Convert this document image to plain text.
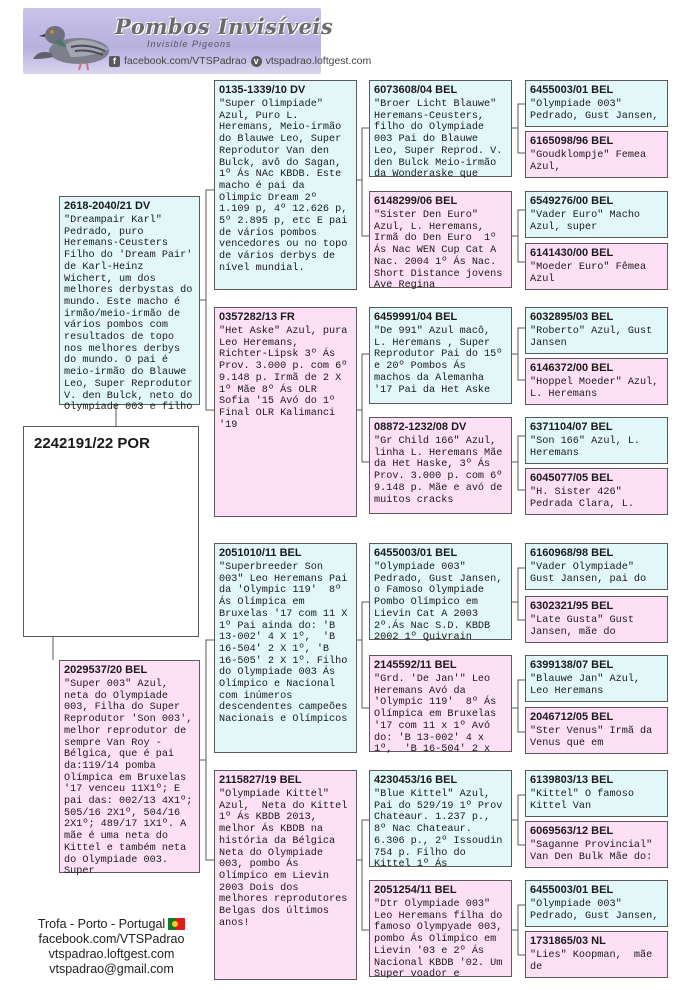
Pombos Invisíveis
Invisible Pigeons
f facebook.com/VTSPadrao v vtspadrao.loftgest.com
2242191/22 POR
2618-2040/21 DV
"Dreampair Karl" Pedrado, puro Heremans-Ceusters Filho do 'Dream Pair' de Karl-Heinz Wichert, um dos melhores derbystas do mundo. Este macho é irmão/meio-irmão de vários pombos com resultados de topo nos melhores derbys do mundo. O pai é meio-irmão do Blauwe Leo, Super Reprodutor V. den Bulck, neto do Olympiade 003 e filho
2029537/20 BEL
"Super 003" Azul, neta do Olympiade 003, Filha do Super Reprodutor 'Son 003', melhor reprodutor de sempre Van Roy - Bélgica, que é pai da:119/14 pomba Olímpica em Bruxelas '17 venceu 11X1º; E pai das: 002/13 4X1º; 505/16 2X1º, 504/16 2X1º; 489/17 1X1º. A mãe é uma neta do Kittel e também neta do Olympiade 003. Super
0135-1339/10 DV
"Super Olimpiade" Azul, Puro L. Heremans, Meio-irmão do Blauwe Leo, Super Reprodutor Van den Bulck, avô do Sagan, 1º Ás NAc KBDB. Este macho é pai da Olimpic Dream 2º 1.109 p, 4º 12.626 p, 5º 2.895 p, etc E pai de vários pombos vencedores ou no topo de vários derbys de nível mundial.
0357282/13 FR
"Het Aske" Azul, pura Leo Heremans, Richter-Lipsk 3º Ás Prov. 3.000 p. com 6º 9.148 p. Irmã de 2 X 1º Mãe 8º Ás OLR Sofia '15 Avó do 1º Final OLR Kalimanci '19
2051010/11 BEL
"Superbreeder Son 003" Leo Heremans Pai da 'Olympic 119'  8º Ás Olímpica em Bruxelas '17 com 11 X 1º Pai ainda do: 'B 13-002' 4 X 1º,  'B 16-504' 2 X 1º, 'B 16-505' 2 X 1º. Filho do Olympiade 003 Ás Olímpico e Nacional com inúmeros descendentes campeões Nacionais e Olímpicos
2115827/19 BEL
"Olympiade Kittel" Azul,  Neta do Kittel 1º Ás KBDB 2013, melhor Ás KBDB na história da Bélgica Neta do Olympiade 003, pombo Ás Olímpico em Lievin 2003 Dois dos melhores reprodutores Belgas dos últimos anos!
6073608/04 BEL
"Broer Licht Blauwe" Heremans-Ceusters, filho do Olympiade 003 Pai do Blauwe Leo, Super Reprod. V. den Bulck Meio-irmão da Wonderaske que
6148299/06 BEL
"Sister Den Euro" Azul, L. Heremans, Irmã do Den Euro  1º Ás Nac WEN Cup Cat A Nac. 2004 1º Ás Nac. Short Distance jovens Ave Regina
6459991/04 BEL
"De 991" Azul macô, L. Heremans , Super Reprodutor Pai do 15º e 20º Pombos Ás machos da Alemanha '17 Pai da Het Aske
08872-1232/08 DV
"Gr Child 166" Azul, linha L. Heremans Mãe da Het Haske, 3º Ás Prov. 3.000 p. com 6º 9.148 p. Mãe e avó de muitos cracks
6455003/01 BEL
"Olympiade 003" Pedrado, Gust Jansen, o Famoso Olympiade Pombo Olímpico em Lievin Cat A 2003 2º.Ás Nac S.D. KBDB 2002 1º Quivrain
2145592/11 BEL
"Grd. 'De Jan'" Leo Heremans Avó da 'Olympic 119'  8º Ás Olímpica em Bruxelas '17 com 11 x 1º Avó do: 'B 13-002' 4 x 1º,  'B 16-504' 2 x
4230453/16 BEL
"Blue Kittel" Azul, Pai do 529/19 1º Prov Chateaur. 1.237 p., 8º Nac Chateaur. 6.306 p., 2º Issoudin 754 p. Filho do Kittel 1º Ás
2051254/11 BEL
"Dtr Olympiade 003" Leo Heremans filha do famoso Olympyade 003, pombo Ás Olímpico em Lievin '03 e 2º Ás Nacional KBDB '02. Um Super voador e
6455003/01 BEL
"Olympiade 003" Pedrado, Gust Jansen,
6165098/96 BEL
"Goudklompje" Femea Azul,
6549276/00 BEL
"Vader Euro" Macho Azul, super
6141430/00 BEL
"Moeder Euro" Fêmea Azul
6032895/03 BEL
"Roberto" Azul, Gust Jansen
6146372/00 BEL
"Hoppel Moeder" Azul, L. Heremans
6371104/07 BEL
"Son 166" Azul, L. Heremans
6045077/05 BEL
"H. Sister 426" Pedrada Clara, L.
6160968/98 BEL
"Vader Olympiade" Gust Jansen, pai do
6302321/95 BEL
"Late Gusta" Gust Jansen, mãe do
6399138/07 BEL
"Blauwe Jan" Azul, Leo Heremans
2046712/05 BEL
"Ster Venus" Irmã da Venus que em
6139803/13 BEL
"Kittel" O famoso Kittel Van
6069563/12 BEL
"Saganne Provincial" Van Den Bulk Mãe do:
6455003/01 BEL
"Olympiade 003" Pedrado, Gust Jansen,
1731865/03 NL
"Lies" Koopman,  mãe de
Trofa - Porto - Portugal
facebook.com/VTSPadrao
vtspadrao.loftgest.com
vtspadrao@gmail.com
